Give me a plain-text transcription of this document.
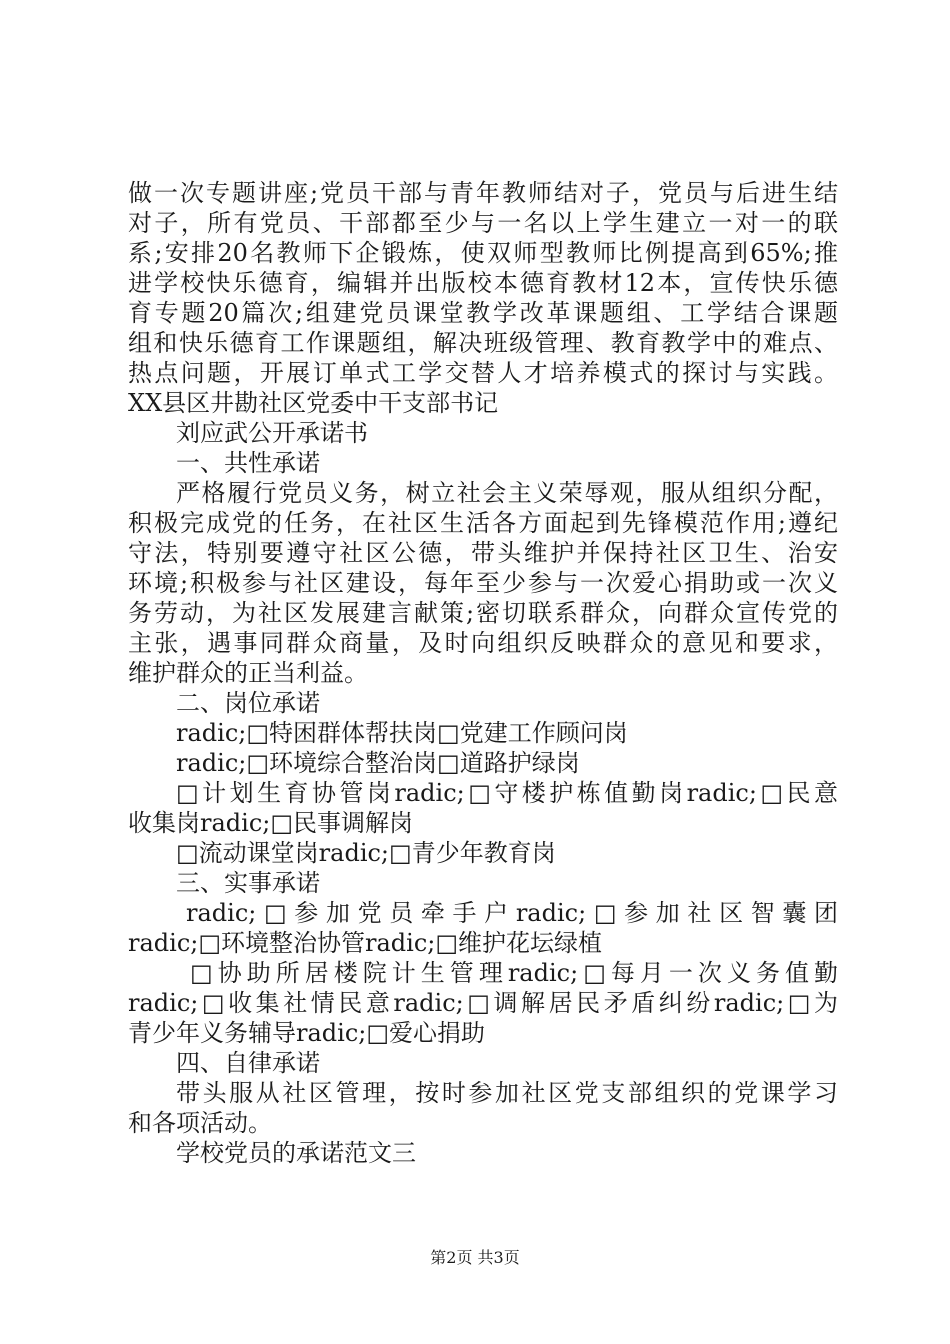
做一次专题讲座;党员干部与青年教师结对子，党员与后进生结
对子，所有党员、干部都至少与一名以上学生建立一对一的联
系;安排20名教师下企锻炼，使双师型教师比例提高到65%;推
进学校快乐德育，编辑并出版校本德育教材12本，宣传快乐德
育专题20篇次;组建党员课堂教学改革课题组、工学结合课题
组和快乐德育工作课题组，解决班级管理、教育教学中的难点、
热点问题，开展订单式工学交替人才培养模式的探讨与实践。
XX县区井勘社区党委中干支部书记
刘应武公开承诺书
一、共性承诺
严格履行党员义务，树立社会主义荣辱观，服从组织分配，
积极完成党的任务，在社区生活各方面起到先锋模范作用;遵纪
守法，特别要遵守社区公德，带头维护并保持社区卫生、治安
环境;积极参与社区建设，每年至少参与一次爱心捐助或一次义
务劳动，为社区发展建言献策;密切联系群众，向群众宣传党的
主张，遇事同群众商量，及时向组织反映群众的意见和要求，
维护群众的正当利益。
二、岗位承诺
radic;□特困群体帮扶岗□党建工作顾问岗
radic;□环境综合整治岗□道路护绿岗
□计划生育协管岗radic;□守楼护栋值勤岗radic;□民意
收集岗radic;□民事调解岗
□流动课堂岗radic;□青少年教育岗
三、实事承诺
radic;□参加党员牵手户radic;□参加社区智囊团
radic;□环境整治协管radic;□维护花坛绿植
□协助所居楼院计生管理radic;□每月一次义务值勤
radic;□收集社情民意radic;□调解居民矛盾纠纷radic;□为
青少年义务辅导radic;□爱心捐助
四、自律承诺
带头服从社区管理，按时参加社区党支部组织的党课学习
和各项活动。
学校党员的承诺范文三
第2页 共3页
